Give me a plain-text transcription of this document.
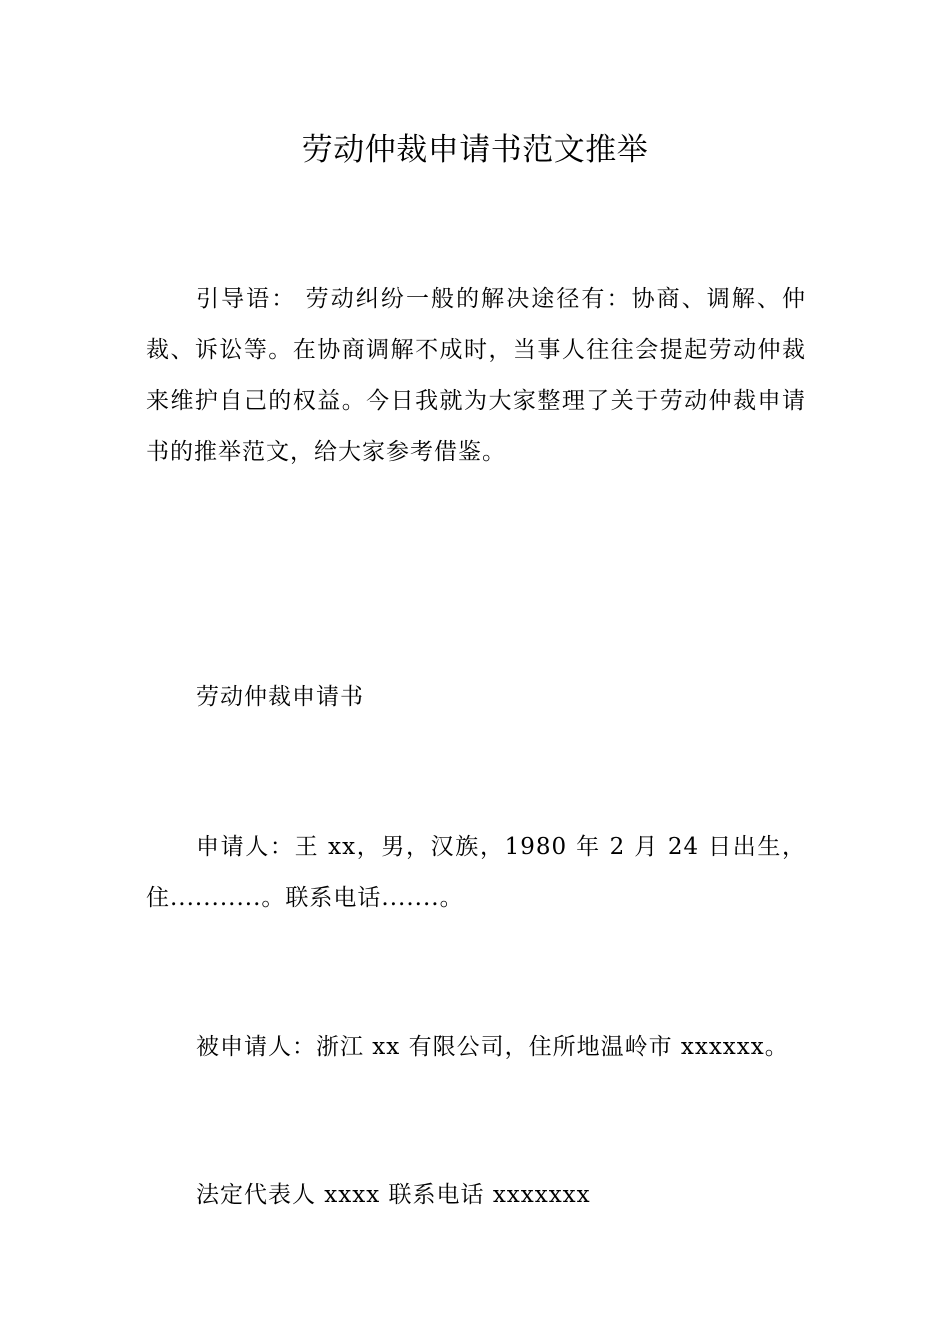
劳动仲裁申请书范文推举

引导语： 劳动纠纷一般的解决途径有：协商、调解、仲裁、诉讼等。在协商调解不成时，当事人往往会提起劳动仲裁来维护自己的权益。今日我就为大家整理了关于劳动仲裁申请书的推举范文，给大家参考借鉴。

劳动仲裁申请书

申请人：王 xx，男，汉族，1980 年 2 月 24 日出生，住...........。联系电话.......。

被申请人：浙江 xx 有限公司，住所地温岭市 xxxxxx。

法定代表人 xxxx 联系电话 xxxxxxx
